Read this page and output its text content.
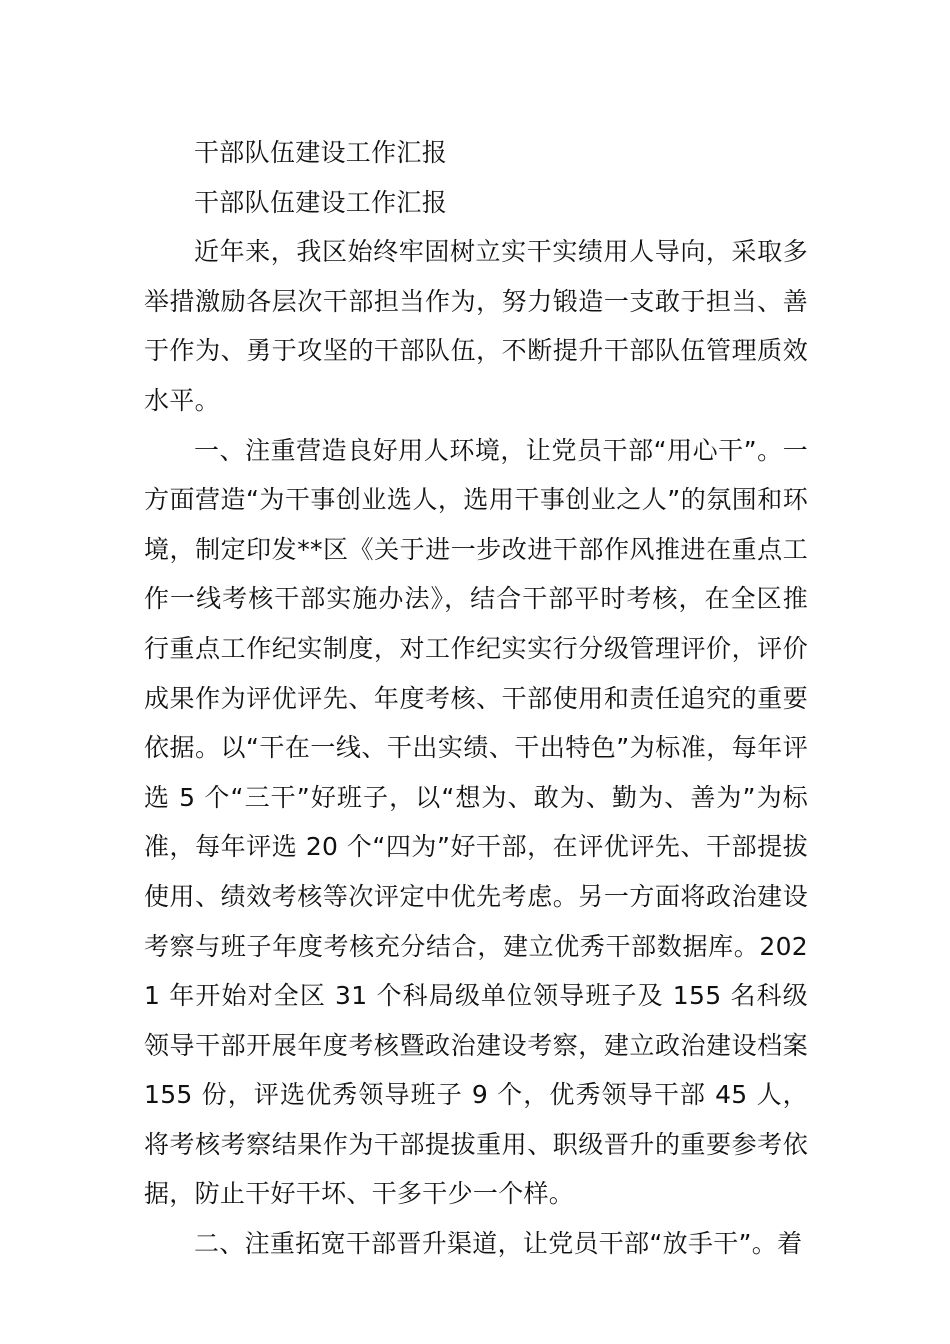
干部队伍建设工作汇报

干部队伍建设工作汇报

近年来，我区始终牢固树立实干实绩用人导向，采取多举措激励各层次干部担当作为，努力锻造一支敢于担当、善于作为、勇于攻坚的干部队伍，不断提升干部队伍管理质效水平。

一、注重营造良好用人环境，让党员干部“用心干”。一方面营造“为干事创业选人，选用干事创业之人”的氛围和环境，制定印发**区《关于进一步改进干部作风推进在重点工作一线考核干部实施办法》，结合干部平时考核，在全区推行重点工作纪实制度，对工作纪实实行分级管理评价，评价成果作为评优评先、年度考核、干部使用和责任追究的重要依据。以“干在一线、干出实绩、干出特色”为标准，每年评选 5 个“三干”好班子，以“想为、敢为、勤为、善为”为标准，每年评选 20 个“四为”好干部，在评优评先、干部提拔使用、绩效考核等次评定中优先考虑。另一方面将政治建设考察与班子年度考核充分结合，建立优秀干部数据库。2021 年开始对全区 31 个科局级单位领导班子及 155 名科级领导干部开展年度考核暨政治建设考察，建立政治建设档案 155 份，评选优秀领导班子 9 个，优秀领导干部 45 人，将考核考察结果作为干部提拔重用、职级晋升的重要参考依据，防止干好干坏、干多干少一个样。

二、注重拓宽干部晋升渠道，让党员干部“放手干”。着
